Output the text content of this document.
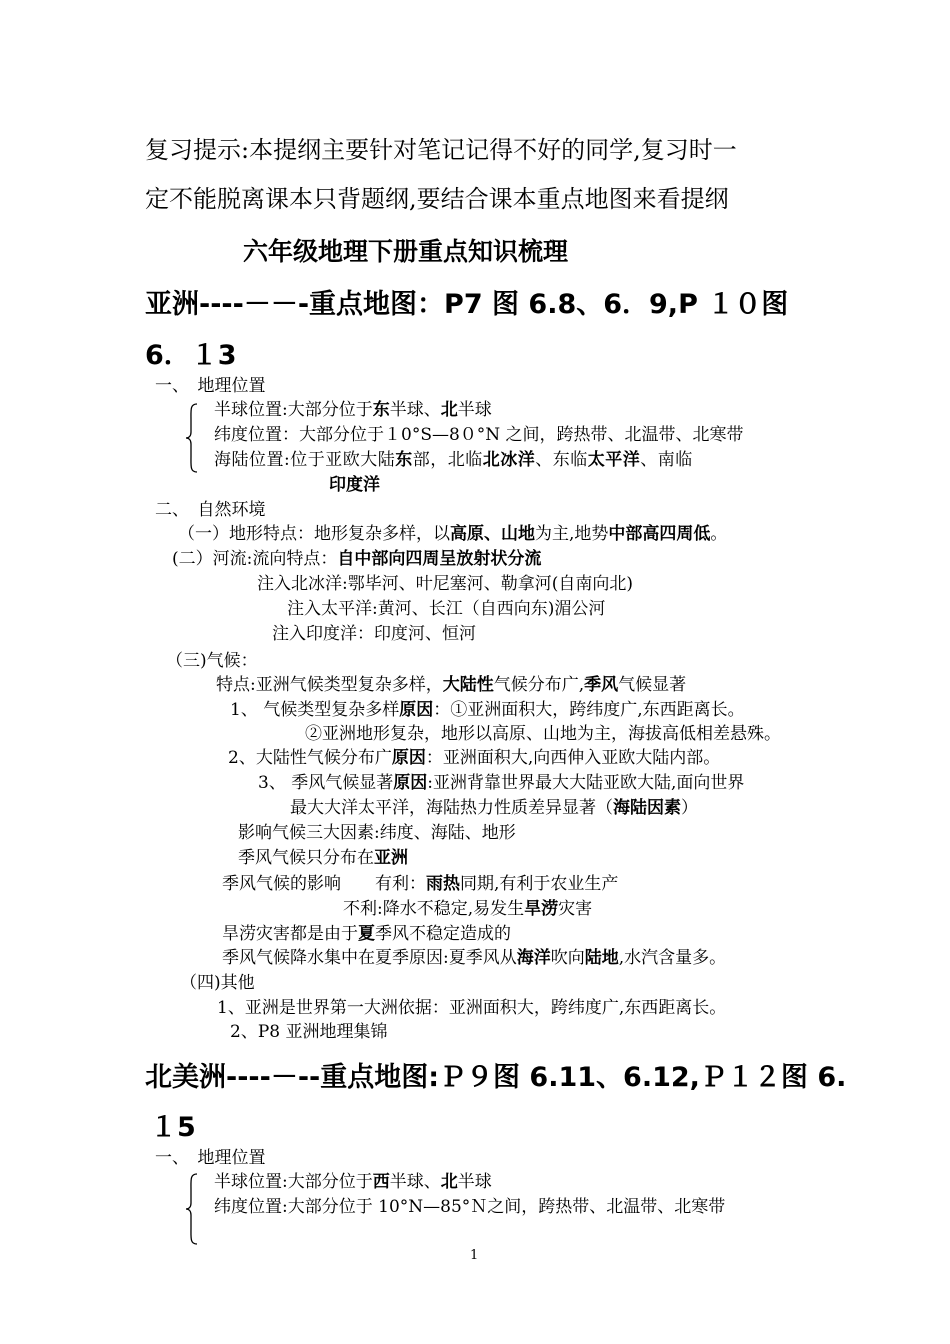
复习提示:本提纲主要针对笔记记得不好的同学,复习时一

定不能脱离课本只背题纲,要结合课本重点地图来看提纲

六年级地理下册重点知识梳理

亚洲----－－-重点地图：P7 图 6.8、6．9,P １０图

6．１3

一、　地理位置

半球位置:大部分位于东半球、北半球

纬度位置：大部分位于１0°S—8０°N 之间，跨热带、北温带、北寒带

海陆位置:位于亚欧大陆东部，北临北冰洋、东临太平洋、南临

印度洋

二、　自然环境

（一）地形特点：地形复杂多样，以高原、山地为主,地势中部高四周低。

(二）河流:流向特点：自中部向四周呈放射状分流

注入北冰洋:鄂毕河、叶尼塞河、勒拿河(自南向北)

注入太平洋:黄河、长江（自西向东)湄公河

注入印度洋：印度河、恒河

（三)气候：

特点:亚洲气候类型复杂多样，大陆性气候分布广,季风气候显著

1、 气候类型复杂多样原因：①亚洲面积大，跨纬度广,东西距离长。

②亚洲地形复杂，地形以高原、山地为主，海拔高低相差悬殊。

2、大陆性气候分布广原因：亚洲面积大,向西伸入亚欧大陆内部。

3、 季风气候显著原因:亚洲背靠世界最大大陆亚欧大陆,面向世界

最大大洋太平洋，海陆热力性质差异显著（海陆因素）

影响气候三大因素:纬度、海陆、地形

季风气候只分布在亚洲

季风气候的影响　　有利：雨热同期,有利于农业生产

不利:降水不稳定,易发生旱涝灾害

旱涝灾害都是由于夏季风不稳定造成的

季风气候降水集中在夏季原因:夏季风从海洋吹向陆地,水汽含量多。

（四)其他

1、亚洲是世界第一大洲依据：亚洲面积大，跨纬度广,东西距离长。

2、P8 亚洲地理集锦

北美洲----－--重点地图:Ｐ９图 6.11、6.12,Ｐ１２图 6.

１5

一、　地理位置

半球位置:大部分位于西半球、北半球

纬度位置:大部分位于 10°N—85°Ｎ之间，跨热带、北温带、北寒带

1
